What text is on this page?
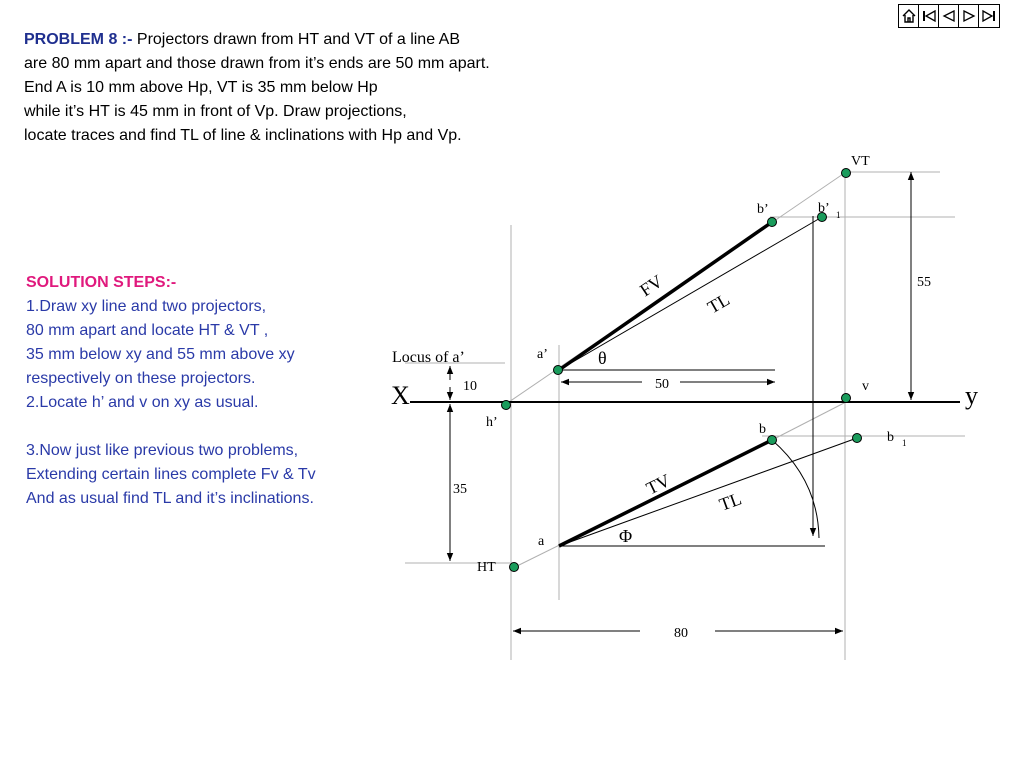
PROBLEM 8 :- Projectors drawn from HT and VT of a line AB

are 80 mm apart and those drawn from it’s ends are 50 mm apart.

End A is 10 mm above Hp, VT is 35 mm below Hp

while it’s HT is 45 mm in front of Vp. Draw projections,

locate traces and find TL of line & inclinations with Hp and Vp.

SOLUTION STEPS:-

1.Draw xy line and two projectors,

80 mm apart and locate HT & VT ,

35 mm below xy and 55 mm above xy

respectively on these projectors.

2.Locate h’ and v on xy as usual.

3.Now just like previous two problems,

Extending certain lines complete Fv & Tv

And as usual find TL and it’s inclinations.

X	y
VT
HT
b’	b’ 1
a’
h’
v
b
b 1
a
Locus of a’
10	50
55
35
80
θ
Φ
FV
TV
TL
TL
